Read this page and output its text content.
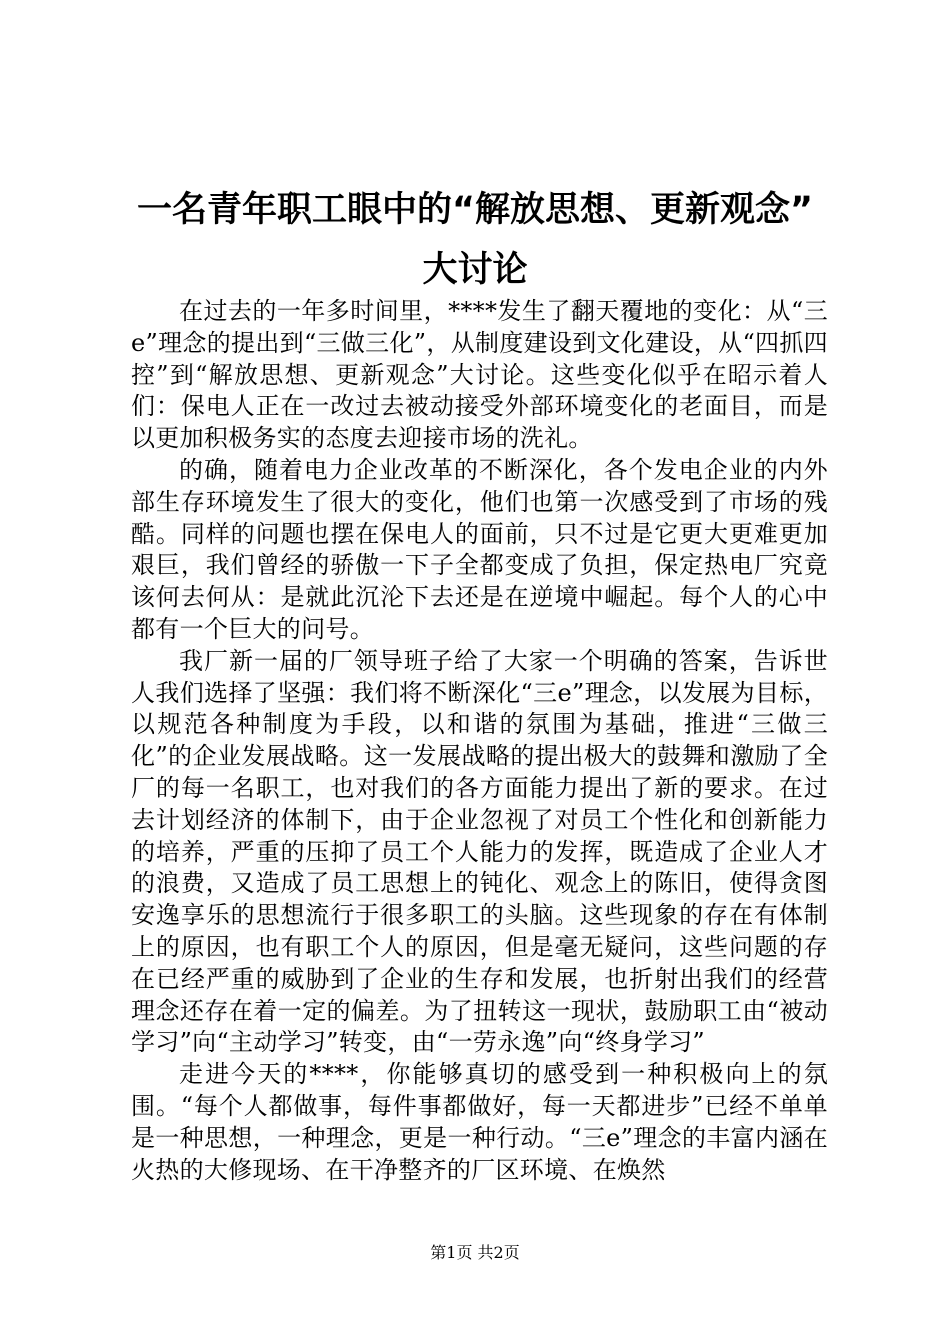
一名青年职工眼中的“解放思想、更新观念”
大讨论

在过去的一年多时间里，****发生了翻天覆地的变化：从“三e”理念的提出到“三做三化”，从制度建设到文化建设，从“四抓四控”到“解放思想、更新观念”大讨论。这些变化似乎在昭示着人们：保电人正在一改过去被动接受外部环境变化的老面目，而是以更加积极务实的态度去迎接市场的洗礼。

的确，随着电力企业改革的不断深化，各个发电企业的内外部生存环境发生了很大的变化，他们也第一次感受到了市场的残酷。同样的问题也摆在保电人的面前，只不过是它更大更难更加艰巨，我们曾经的骄傲一下子全都变成了负担，保定热电厂究竟该何去何从：是就此沉沦下去还是在逆境中崛起。每个人的心中都有一个巨大的问号。

我厂新一届的厂领导班子给了大家一个明确的答案，告诉世人我们选择了坚强：我们将不断深化“三e”理念，以发展为目标，以规范各种制度为手段，以和谐的氛围为基础，推进“三做三化”的企业发展战略。这一发展战略的提出极大的鼓舞和激励了全厂的每一名职工，也对我们的各方面能力提出了新的要求。在过去计划经济的体制下，由于企业忽视了对员工个性化和创新能力的培养，严重的压抑了员工个人能力的发挥，既造成了企业人才的浪费，又造成了员工思想上的钝化、观念上的陈旧，使得贪图安逸享乐的思想流行于很多职工的头脑。这些现象的存在有体制上的原因，也有职工个人的原因，但是毫无疑问，这些问题的存在已经严重的威胁到了企业的生存和发展，也折射出我们的经营理念还存在着一定的偏差。为了扭转这一现状，鼓励职工由“被动学习”向“主动学习”转变，由“一劳永逸”向“终身学习”

走进今天的****，你能够真切的感受到一种积极向上的氛围。“每个人都做事，每件事都做好，每一天都进步”已经不单单是一种思想，一种理念，更是一种行动。“三e”理念的丰富内涵在火热的大修现场、在干净整齐的厂区环境、在焕然

第1页 共2页
